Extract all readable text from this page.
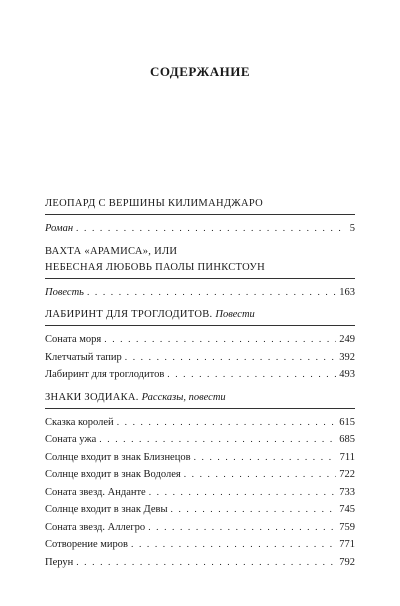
СОДЕРЖАНИЕ
ЛЕОПАРД С ВЕРШИНЫ КИЛИМАНДЖАРО
Роман . . .	5
ВАХТА «АРАМИСА», ИЛИ
НЕБЕСНАЯ ЛЮБОВЬ ПАОЛЫ ПИНКСТОУН
Повесть . . .	163
ЛАБИРИНТ ДЛЯ ТРОГЛОДИТОВ. Повести
Соната моря . . .	249
Клетчатый тапир . . .	392
Лабиринт для троглодитов . . .	493
ЗНАКИ ЗОДИАКА. Рассказы, повести
Сказка королей . . .	615
Соната ужа . . .	685
Солнце входит в знак Близнецов . . .	711
Солнце входит в знак Водолея . . .	722
Соната звезд. Анданте . . .	733
Солнце входит в знак Девы . . .	745
Соната звезд. Аллегро . . .	759
Сотворение миров . . .	771
Перун . . .	792
